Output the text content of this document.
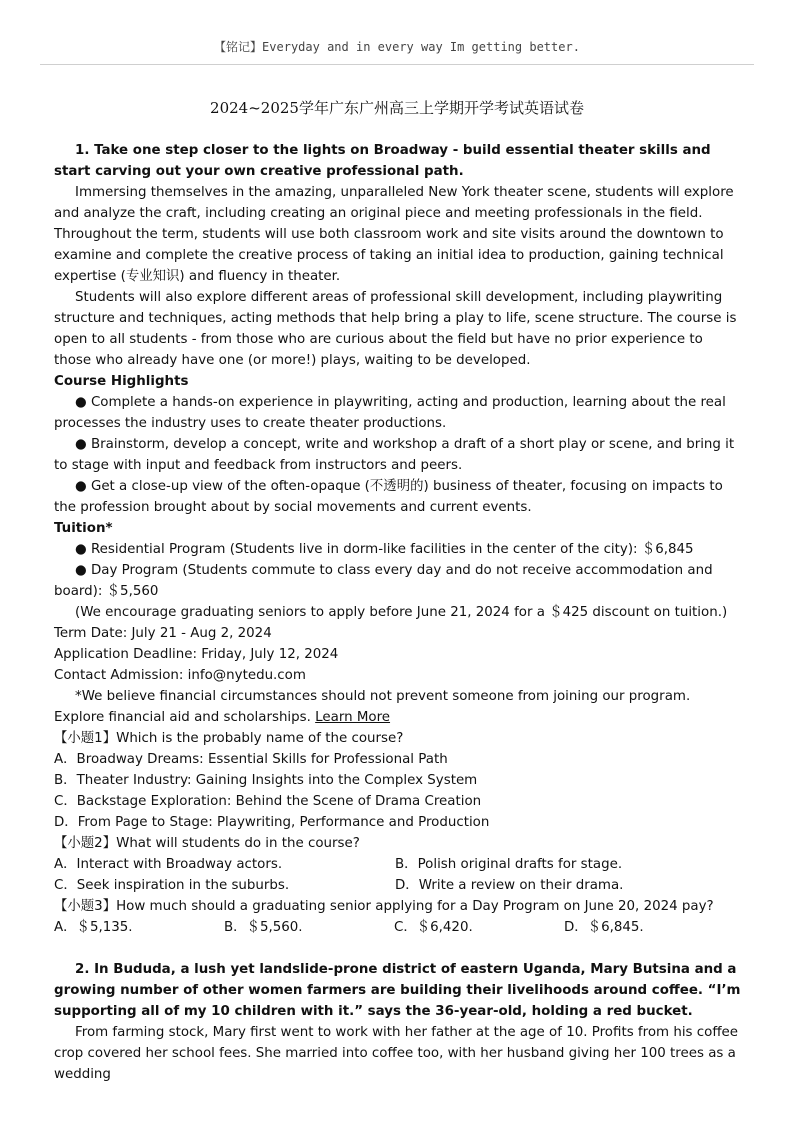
【铭记】Everyday and in every way Im getting better.
2024~2025学年广东广州高三上学期开学考试英语试卷

1. Take one step closer to the lights on Broadway - build essential theater skills and start carving out your own creative professional path.

Immersing themselves in the amazing, unparalleled New York theater scene, students will explore and analyze the craft, including creating an original piece and meeting professionals in the field. Throughout the term, students will use both classroom work and site visits around the downtown to examine and complete the creative process of taking an initial idea to production, gaining technical expertise (专业知识) and fluency in theater.

Students will also explore different areas of professional skill development, including playwriting structure and techniques, acting methods that help bring a play to life, scene structure. The course is open to all students - from those who are curious about the field but have no prior experience to those who already have one (or more!) plays, waiting to be developed.

Course Highlights

● Complete a hands-on experience in playwriting, acting and production, learning about the real processes the industry uses to create theater productions.

● Brainstorm, develop a concept, write and workshop a draft of a short play or scene, and bring it to stage with input and feedback from instructors and peers.

● Get a close-up view of the often-opaque (不透明的) business of theater, focusing on impacts to the profession brought about by social movements and current events.

Tuition*

● Residential Program (Students live in dorm-like facilities in the center of the city): ＄6,845

● Day Program (Students commute to class every day and do not receive accommodation and board): ＄5,560

(We encourage graduating seniors to apply before June 21, 2024 for a ＄425 discount on tuition.)

Term Date: July 21 - Aug 2, 2024

Application Deadline: Friday, July 12, 2024

Contact Admission: info@nytedu.com

*We believe financial circumstances should not prevent someone from joining our program. Explore financial aid and scholarships. Learn More

【小题1】Which is the probably name of the course?

A．Broadway Dreams: Essential Skills for Professional Path

B．Theater Industry: Gaining Insights into the Complex System

C．Backstage Exploration: Behind the Scene of Drama Creation

D．From Page to Stage: Playwriting, Performance and Production

【小题2】What will students do in the course?

A．Interact with Broadway actors.	B．Polish original drafts for stage.
C．Seek inspiration in the suburbs.	D．Write a review on their drama.

【小题3】How much should a graduating senior applying for a Day Program on June 20, 2024 pay?

A．＄5,135.	B．＄5,560.	C．＄6,420.	D．＄6,845.

2. In Bududa, a lush yet landslide-prone district of eastern Uganda, Mary Butsina and a growing number of other women farmers are building their livelihoods around coffee. “I’m supporting all of my 10 children with it.” says the 36-year-old, holding a red bucket.

From farming stock, Mary first went to work with her father at the age of 10. Profits from his coffee crop covered her school fees. She married into coffee too, with her husband giving her 100 trees as a wedding
